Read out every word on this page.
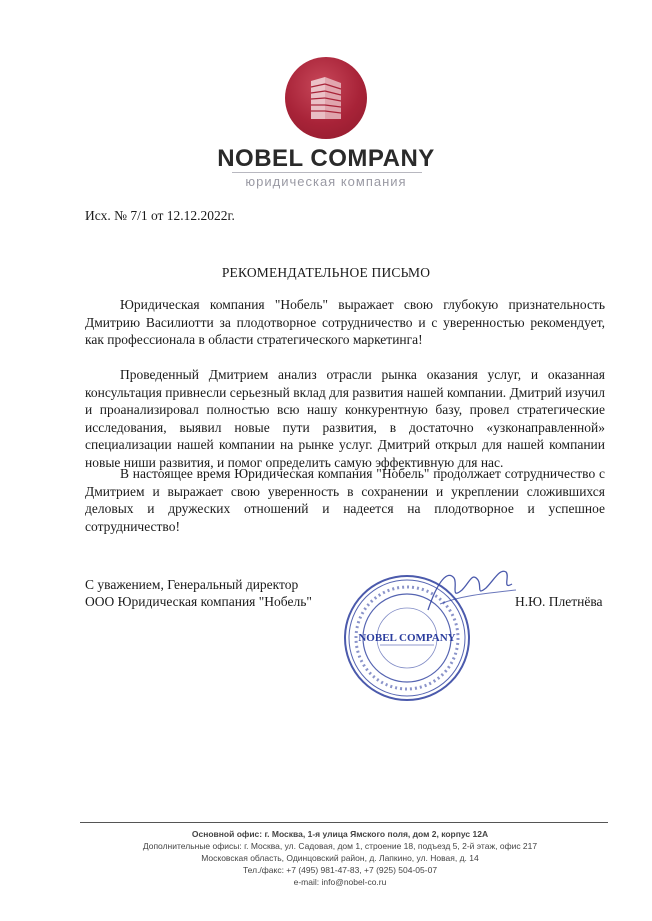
NOBEL COMPANY
юридическая компания
Исх. № 7/1 от 12.12.2022г.
РЕКОМЕНДАТЕЛЬНОЕ ПИСЬМО

Юридическая компания "Нобель" выражает свою глубокую признательность Дмитрию Василиотти за плодотворное сотрудничество и с уверенностью рекомендует, как профессионала в области стратегического маркетинга!

Проведенный Дмитрием анализ отрасли рынка оказания услуг, и оказанная консультация привнесли серьезный вклад для развития нашей компании. Дмитрий изучил и проанализировал полностью всю нашу конкурентную базу, провел стратегические исследования, выявил новые пути развития, в достаточно «узконаправленной» специализации нашей компании на рынке услуг. Дмитрий открыл для нашей компании новые ниши развития, и помог определить самую эффективную для нас.

В настоящее время Юридическая компания "Нобель" продолжает сотрудничество с Дмитрием и выражает свою уверенность в сохранении и укреплении сложившихся деловых и дружеских отношений и надеется на плодотворное и успешное сотрудничество!

С уважением, Генеральный директор
ООО Юридическая компания "Нобель"
NOBEL COMPANY
Н.Ю. Плетнёва
Основной офис: г. Москва, 1-я улица Ямского поля, дом 2, корпус 12А
Дополнительные офисы: г. Москва, ул. Садовая, дом 1, строение 18, подъезд 5, 2-й этаж, офис 217
Московская область, Одинцовский район, д. Лапкино, ул. Новая, д. 14
Тел./факс: +7 (495) 981-47-83, +7 (925) 504-05-07
e-mail: info@nobel-co.ru
